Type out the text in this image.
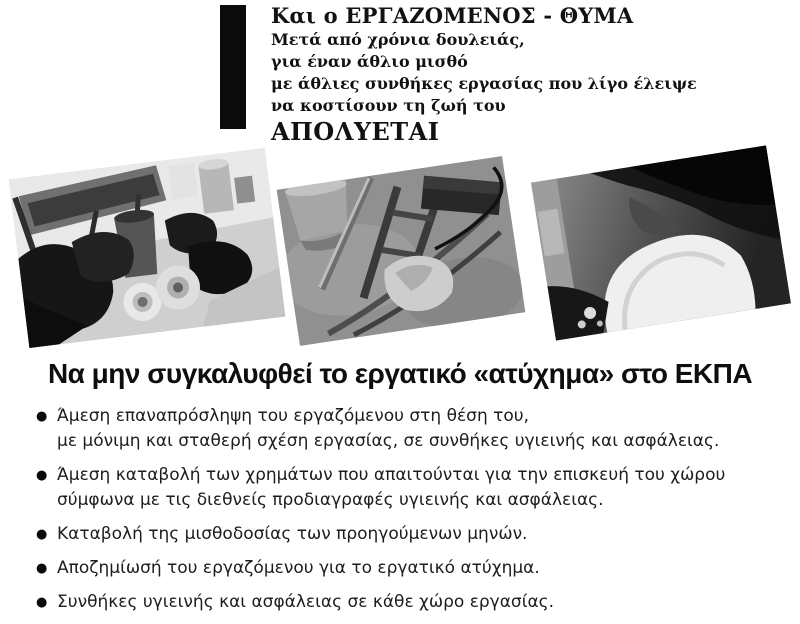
Και ο ΕΡΓΑΖΟΜΕΝΟΣ - ΘΥΜΑ
Μετά από χρόνια δουλειάς,
για έναν άθλιο μισθό
με άθλιες συνθήκες εργασίας που λίγο έλειψε
να κοστίσουν τη ζωή του
ΑΠΟΛΥΕΤΑΙ
Να μην συγκαλυφθεί το εργατικό «ατύχημα» στο ΕΚΠΑ
● Άμεση επαναπρόσληψη του εργαζόμενου στη θέση του,
με μόνιμη και σταθερή σχέση εργασίας, σε συνθήκες υγιεινής και ασφάλειας.
● Άμεση καταβολή των χρημάτων που απαιτούνται για την επισκευή του χώρου
σύμφωνα με τις διεθνείς προδιαγραφές υγιεινής και ασφάλειας.
● Καταβολή της μισθοδοσίας των προηγούμενων μηνών.
● Αποζημίωσή του εργαζόμενου για το εργατικό ατύχημα.
● Συνθήκες υγιεινής και ασφάλειας σε κάθε χώρο εργασίας.
